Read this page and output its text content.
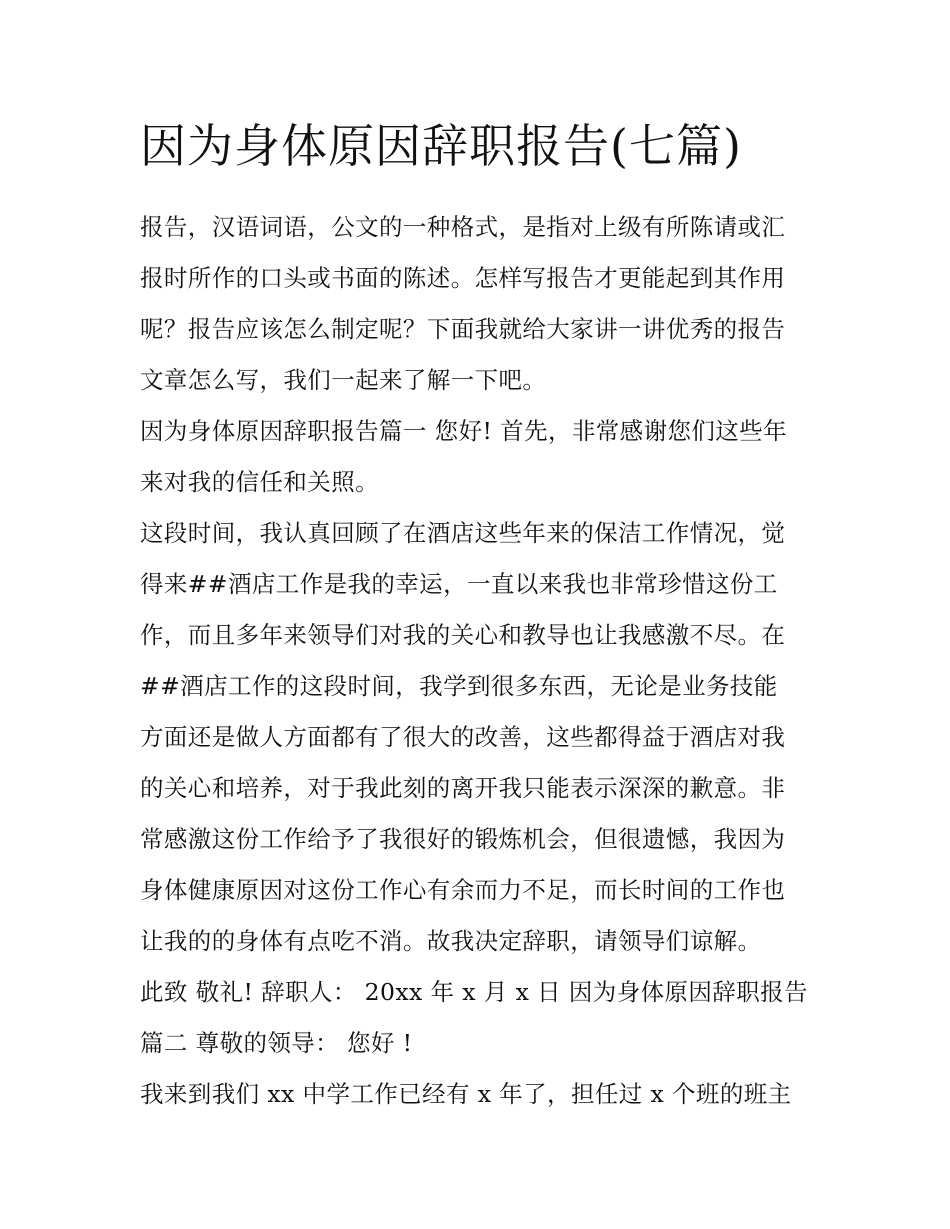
因为身体原因辞职报告(七篇)
报告，汉语词语，公文的一种格式，是指对上级有所陈请或汇
报时所作的口头或书面的陈述。怎样写报告才更能起到其作用
呢？报告应该怎么制定呢？下面我就给大家讲一讲优秀的报告
文章怎么写，我们一起来了解一下吧。
因为身体原因辞职报告篇一 您好! 首先，非常感谢您们这些年
来对我的信任和关照。
这段时间，我认真回顾了在酒店这些年来的保洁工作情况，觉
得来##酒店工作是我的幸运，一直以来我也非常珍惜这份工
作，而且多年来领导们对我的关心和教导也让我感激不尽。在
##酒店工作的这段时间，我学到很多东西，无论是业务技能
方面还是做人方面都有了很大的改善，这些都得益于酒店对我
的关心和培养，对于我此刻的离开我只能表示深深的歉意。非
常感激这份工作给予了我很好的锻炼机会，但很遗憾，我因为
身体健康原因对这份工作心有余而力不足，而长时间的工作也
让我的的身体有点吃不消。故我决定辞职，请领导们谅解。
此致 敬礼! 辞职人： 20xx 年 x 月 x 日 因为身体原因辞职报告
篇二 尊敬的领导： 您好 !
我来到我们 xx 中学工作已经有 x 年了，担任过 x 个班的班主
